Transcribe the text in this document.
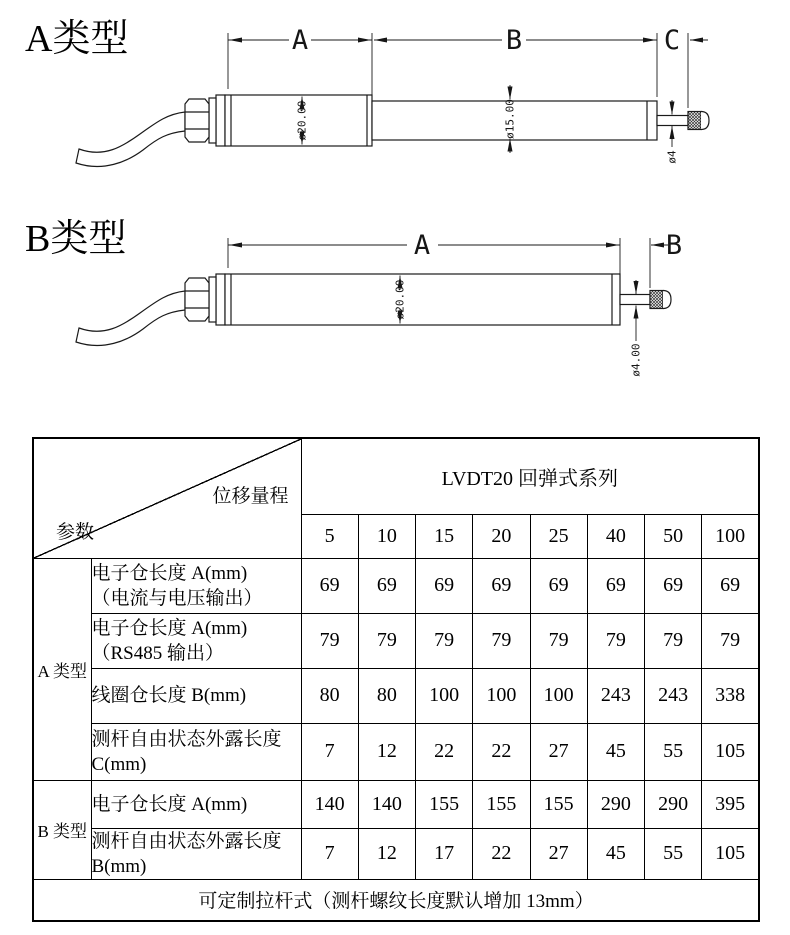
A类型	A	B	C
ø20.00	ø15.00
ø4
B类型	A	B
ø20.00
ø4.00
参数
位移量程		LVDT20 回弹式系列							
		5	10	15	20	25	40	50	100
A 类型	电子仓长度 A(mm)
（电流与电压输出）	69	69	69	69	69	69	69	69

	电子仓长度 A(mm)
（RS485 输出）	79	79	79	79	79	79	79	79

	线圈仓长度 B(mm)	80	80	100	100	100	243	243	338

	测杆自由状态外露长度
C(mm)	7	12	22	22	27	45	55	105
B 类型	电子仓长度 A(mm)	140	140	155	155	155	290	290	395

	测杆自由状态外露长度
B(mm)	7	12	17	22	27	45	55	105
可定制拉杆式（测杆螺纹长度默认增加 13mm）									
